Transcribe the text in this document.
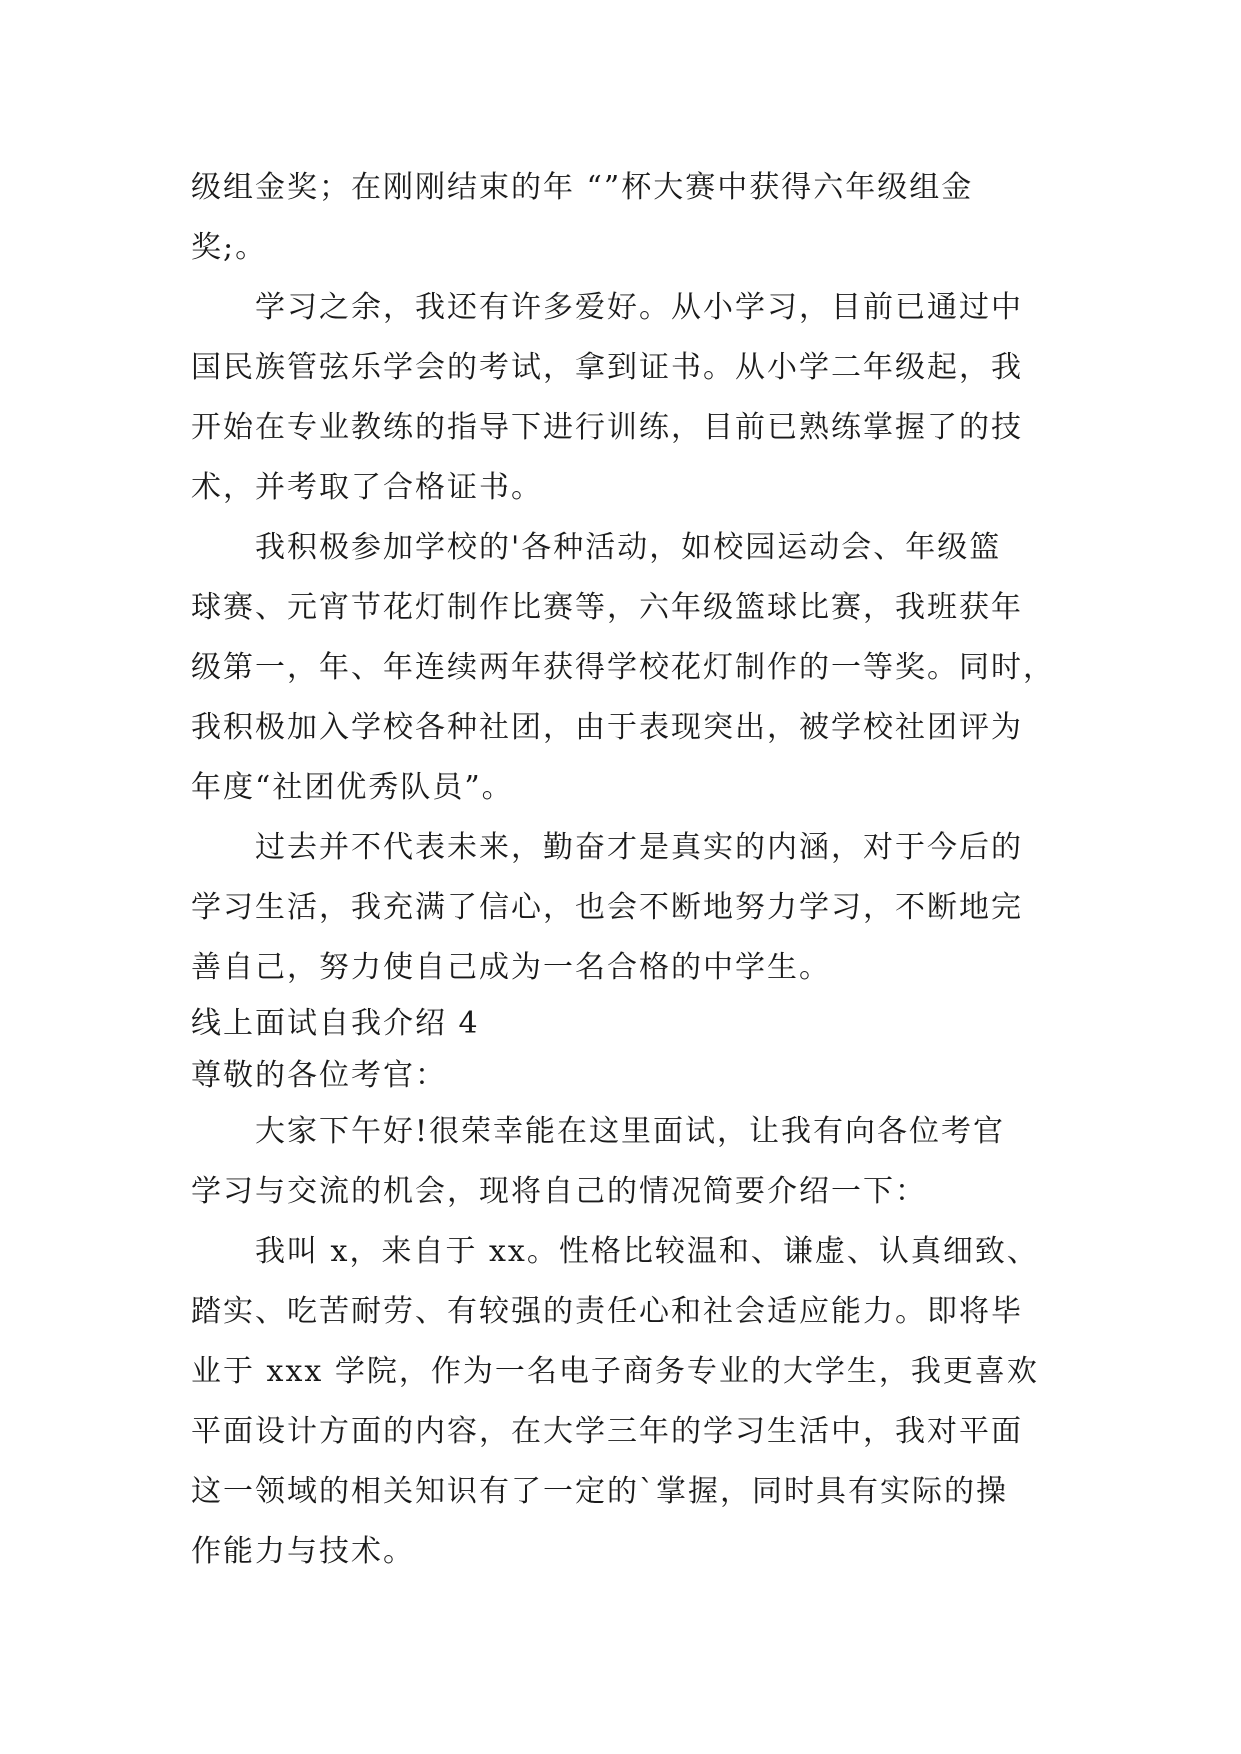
级组金奖；在刚刚结束的年 “”杯大赛中获得六年级组金
奖;。
学习之余，我还有许多爱好。从小学习，目前已通过中
国民族管弦乐学会的考试，拿到证书。从小学二年级起，我
开始在专业教练的指导下进行训练，目前已熟练掌握了的技
术，并考取了合格证书。
我积极参加学校的'各种活动，如校园运动会、年级篮
球赛、元宵节花灯制作比赛等，六年级篮球比赛，我班获年
级第一，年、年连续两年获得学校花灯制作的一等奖。同时，
我积极加入学校各种社团，由于表现突出，被学校社团评为
年度“社团优秀队员”。
过去并不代表未来，勤奋才是真实的内涵，对于今后的
学习生活，我充满了信心，也会不断地努力学习，不断地完
善自己，努力使自己成为一名合格的中学生。
线上面试自我介绍 4
尊敬的各位考官：
大家下午好!很荣幸能在这里面试，让我有向各位考官
学习与交流的机会，现将自己的情况简要介绍一下：
我叫 x，来自于 xx。性格比较温和、谦虚、认真细致、
踏实、吃苦耐劳、有较强的责任心和社会适应能力。即将毕
业于 xxx 学院，作为一名电子商务专业的大学生，我更喜欢
平面设计方面的内容，在大学三年的学习生活中，我对平面
这一领域的相关知识有了一定的`掌握，同时具有实际的操
作能力与技术。
